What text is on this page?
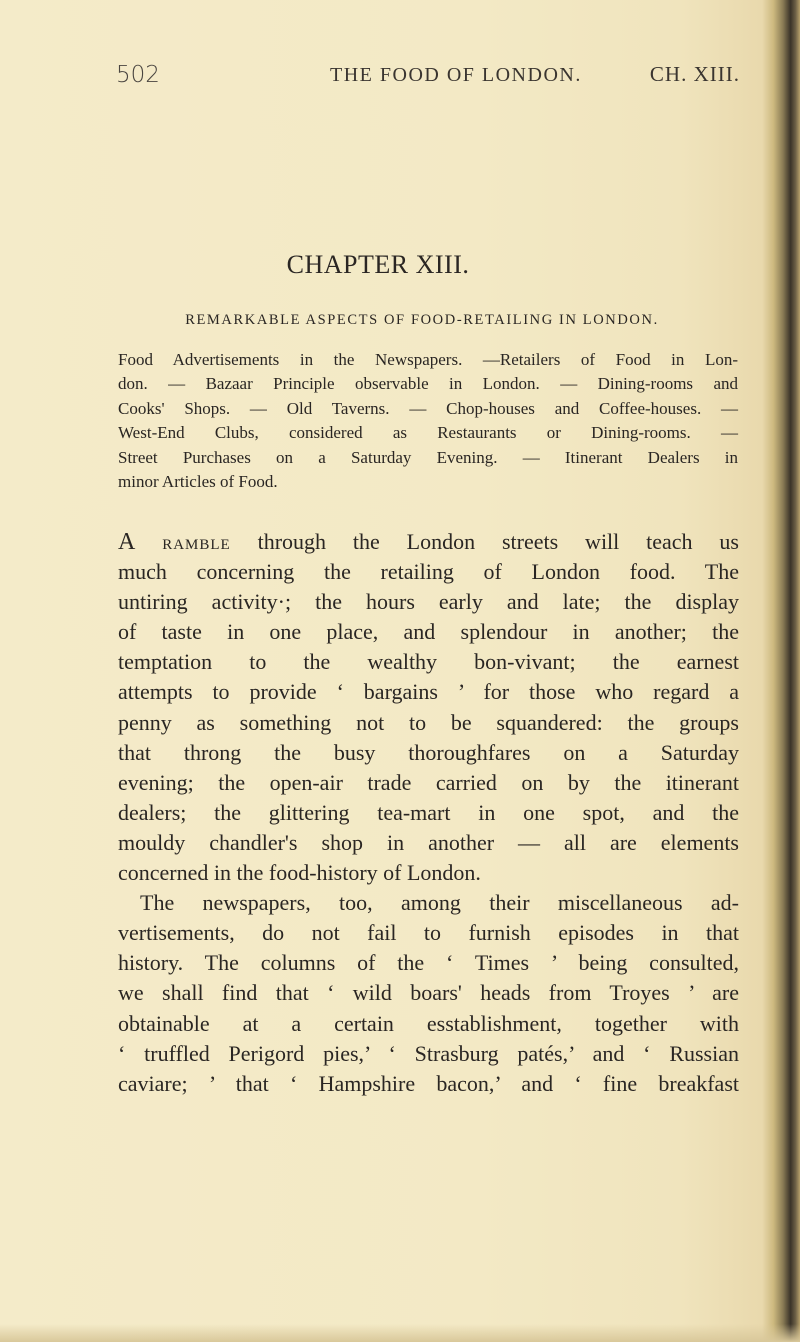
502	THE FOOD OF LONDON.	CH. XIII.
CHAPTER XIII.
REMARKABLE ASPECTS OF FOOD-RETAILING IN LONDON.
Food Advertisements in the Newspapers. —Retailers of Food in Lon-
don. — Bazaar Principle observable in London. — Dining-rooms and
Cooks' Shops. — Old Taverns. — Chop-houses and Coffee-houses. —
West-End Clubs, considered as Restaurants or Dining-rooms. —
Street Purchases on a Saturday Evening. — Itinerant Dealers in
minor Articles of Food.
A ramble through the London streets will teach us
much concerning the retailing of London food. The
untiring activity·; the hours early and late; the display
of taste in one place, and splendour in another; the
temptation to the wealthy bon-vivant; the earnest
attempts to provide ‘ bargains ’ for those who regard a
penny as something not to be squandered: the groups
that throng the busy thoroughfares on a Saturday
evening; the open-air trade carried on by the itinerant
dealers; the glittering tea-mart in one spot, and the
mouldy chandler's shop in another — all are elements
concerned in the food-history of London.
The newspapers, too, among their miscellaneous ad-
vertisements, do not fail to furnish episodes in that
history. The columns of the ‘ Times ’ being consulted,
we shall find that ‘ wild boars' heads from Troyes ’ are
obtainable at a certain esstablishment, together with
‘ truffled Perigord pies,’ ‘ Strasburg patés,’ and ‘ Russian
caviare; ’ that ‘ Hampshire bacon,’ and ‘ fine breakfast
